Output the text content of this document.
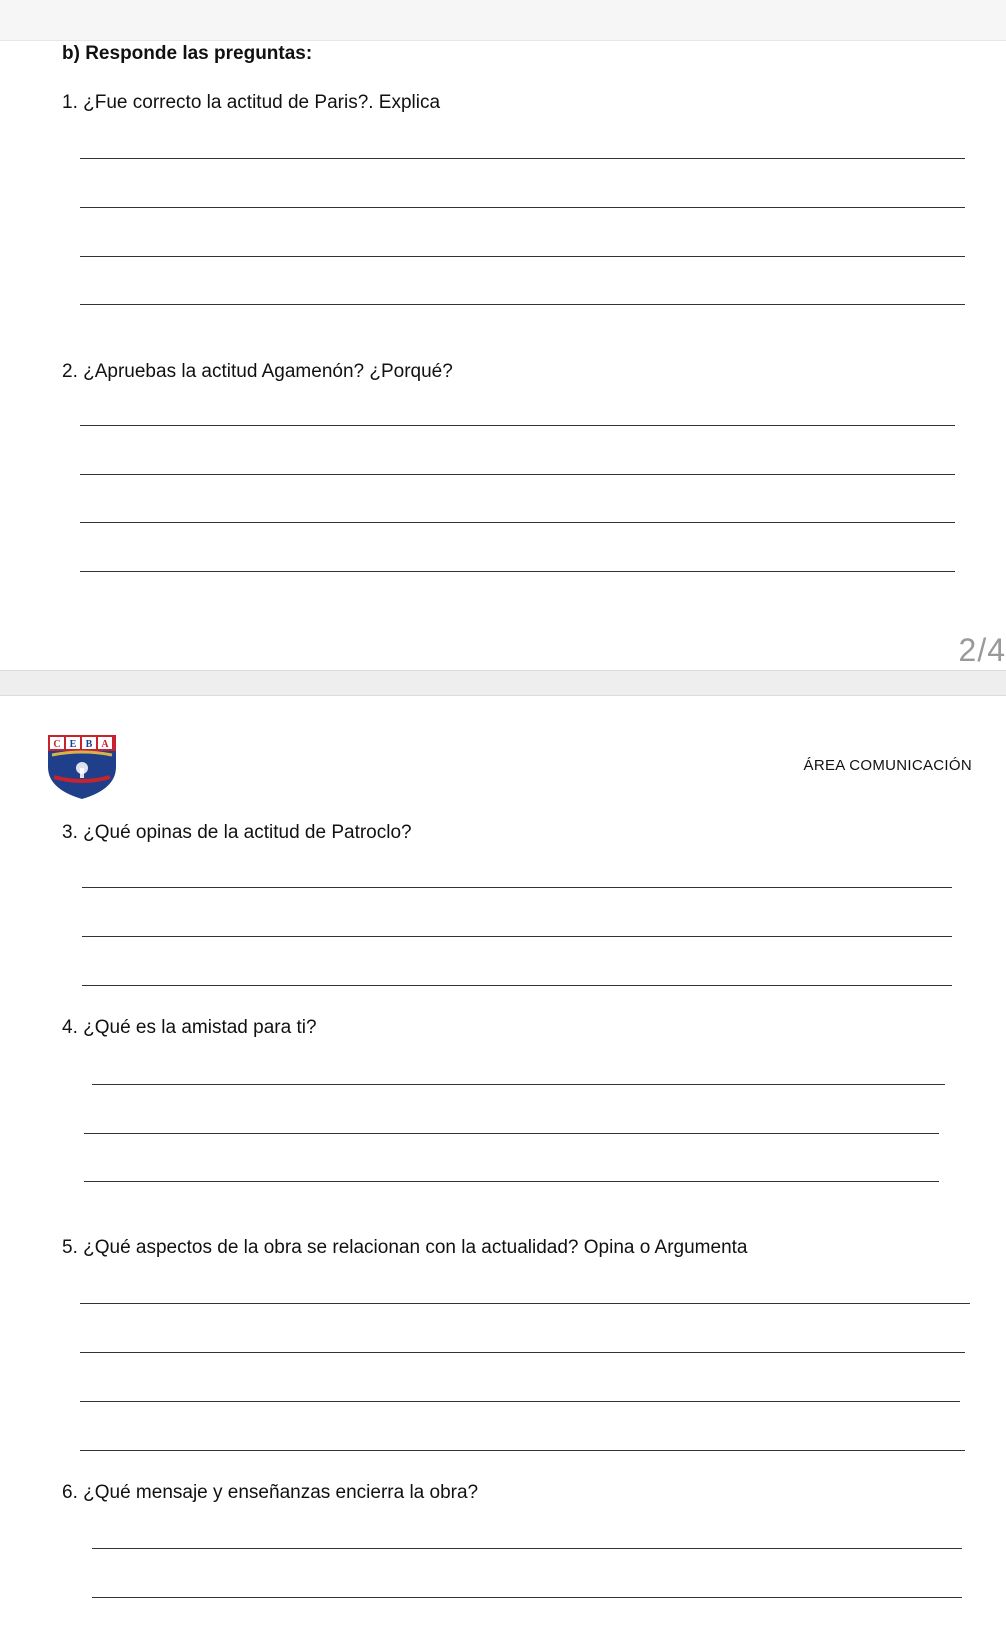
b) Responde las preguntas:
1. ¿Fue correcto la actitud de Paris?. Explica
2. ¿Apruebas la actitud Agamenón? ¿Porqué?
2/4
C E B A
ÁREA COMUNICACIÓN
3. ¿Qué opinas de la actitud de Patroclo?
4. ¿Qué es la amistad para ti?
5. ¿Qué aspectos de la obra se relacionan con la actualidad? Opina o Argumenta
6. ¿Qué mensaje y enseñanzas encierra la obra?
